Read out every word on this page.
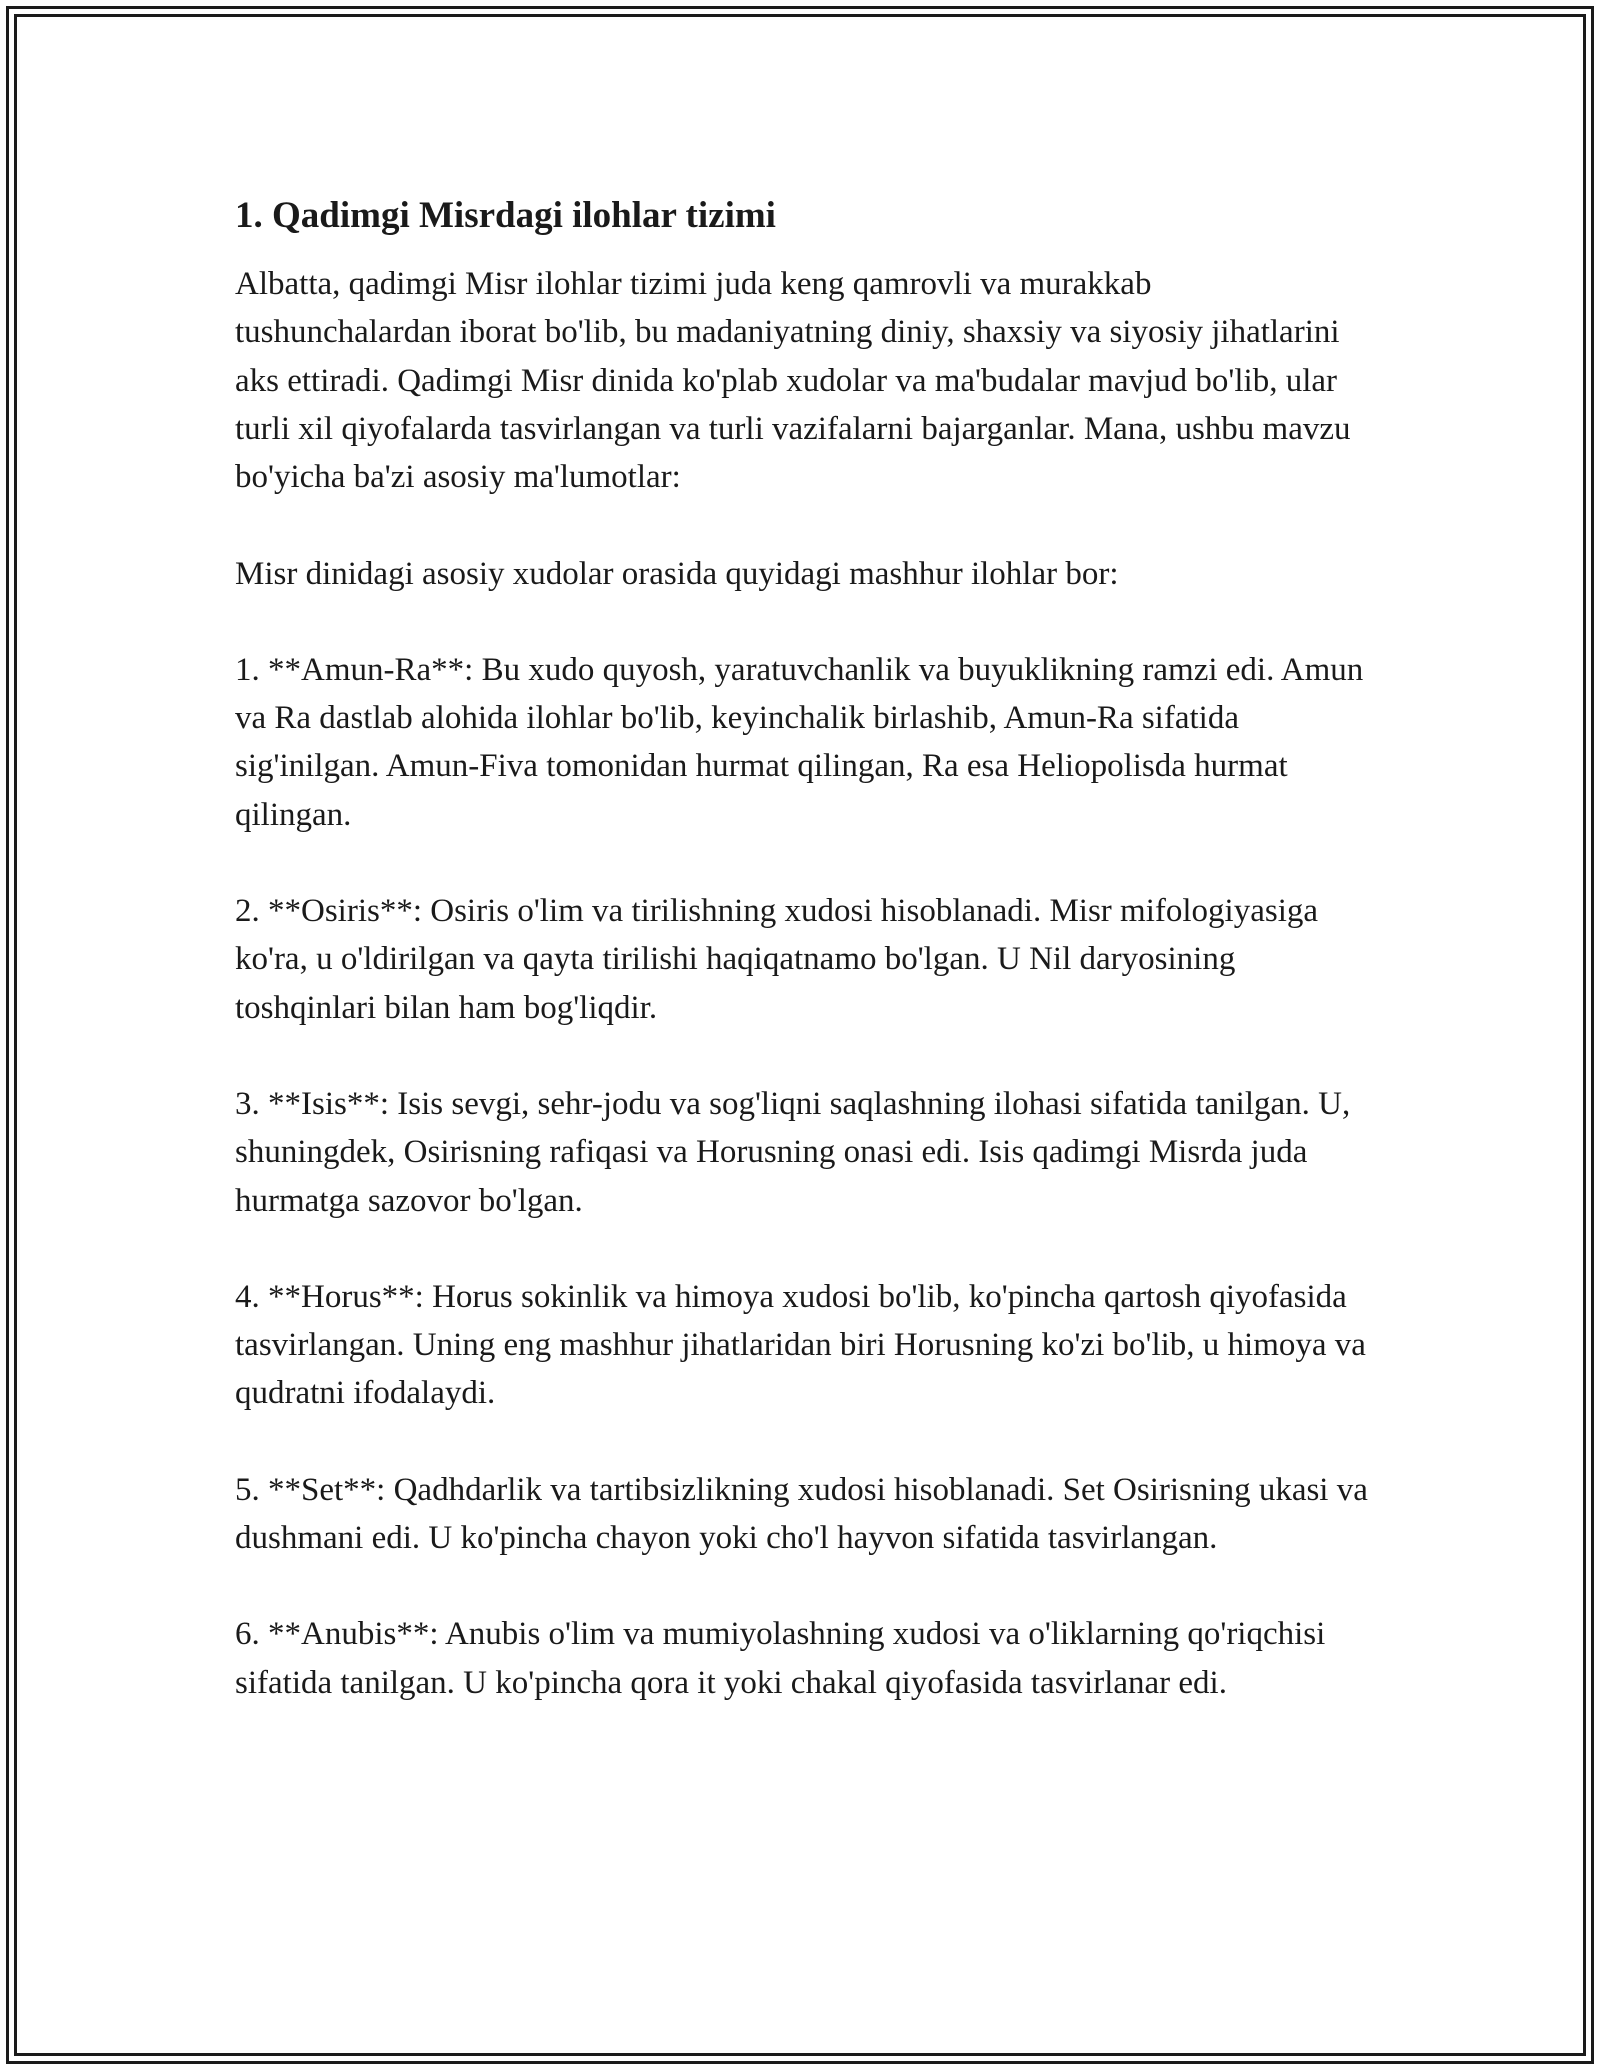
1. Qadimgi Misrdagi ilohlar tizimi

Albatta, qadimgi Misr ilohlar tizimi juda keng qamrovli va murakkab tushunchalardan iborat bo'lib, bu madaniyatning diniy, shaxsiy va siyosiy jihatlarini aks ettiradi. Qadimgi Misr dinida ko'plab xudolar va ma'budalar mavjud bo'lib, ular turli xil qiyofalarda tasvirlangan va turli vazifalarni bajarganlar. Mana, ushbu mavzu bo'yicha ba'zi asosiy ma'lumotlar:

Misr dinidagi asosiy xudolar orasida quyidagi mashhur ilohlar bor:

1. **Amun-Ra**: Bu xudo quyosh, yaratuvchanlik va buyuklikning ramzi edi. Amun va Ra dastlab alohida ilohlar bo'lib, keyinchalik birlashib, Amun-Ra sifatida sig'inilgan. Amun-Fiva tomonidan hurmat qilingan, Ra esa Heliopolisda hurmat qilingan.

2. **Osiris**: Osiris o'lim va tirilishning xudosi hisoblanadi. Misr mifologiyasiga ko'ra, u o'ldirilgan va qayta tirilishi haqiqatnamo bo'lgan. U Nil daryosining toshqinlari bilan ham bog'liqdir.

3. **Isis**: Isis sevgi, sehr-jodu va sog'liqni saqlashning ilohasi sifatida tanilgan. U, shuningdek, Osirisning rafiqasi va Horusning onasi edi. Isis qadimgi Misrda juda hurmatga sazovor bo'lgan.

4. **Horus**: Horus sokinlik va himoya xudosi bo'lib, ko'pincha qartosh qiyofasida tasvirlangan. Uning eng mashhur jihatlaridan biri Horusning ko'zi bo'lib, u himoya va qudratni ifodalaydi.

5. **Set**: Qadhdarlik va tartibsizlikning xudosi hisoblanadi. Set Osirisning ukasi va dushmani edi. U ko'pincha chayon yoki cho'l hayvon sifatida tasvirlangan.

6. **Anubis**: Anubis o'lim va mumiyolashning xudosi va o'liklarning qo'riqchisi sifatida tanilgan. U ko'pincha qora it yoki chakal qiyofasida tasvirlanar edi.
